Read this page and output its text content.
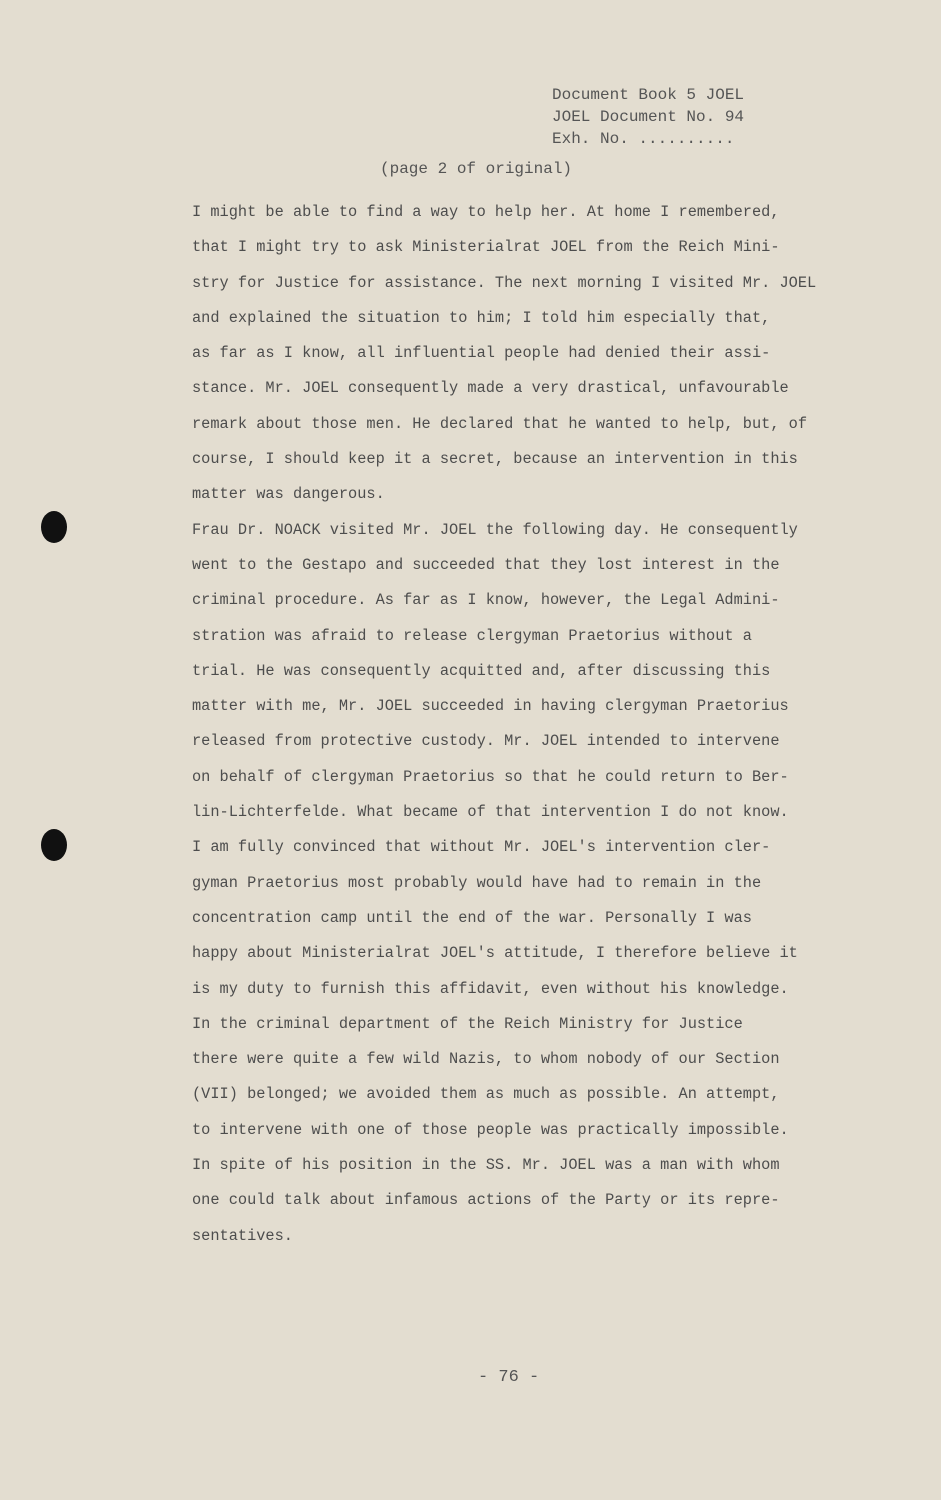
Document Book 5 JOEL
JOEL Document No. 94
Exh. No. ..........
(page 2 of original)
I might be able to find a way to help her. At home I remembered,
that I might try to ask Ministerialrat JOEL from the Reich Mini-
stry for Justice for assistance. The next morning I visited Mr. JOEL
and explained the situation to him; I told him especially that,
as far as I know, all influential people had denied their assi-
stance. Mr. JOEL consequently made a very drastical, unfavourable
remark about those men. He declared that he wanted to help, but, of
course, I should keep it a secret, because an intervention in this
matter was dangerous.
Frau Dr. NOACK visited Mr. JOEL the following day. He consequently
went to the Gestapo and succeeded that they lost interest in the
criminal procedure. As far as I know, however, the Legal Admini-
stration was afraid to release clergyman Praetorius without a
trial. He was consequently acquitted and, after discussing this
matter with me, Mr. JOEL succeeded in having clergyman Praetorius
released from protective custody. Mr. JOEL intended to intervene
on behalf of clergyman Praetorius so that he could return to Ber-
lin-Lichterfelde. What became of that intervention I do not know.
I am fully convinced that without Mr. JOEL's intervention cler-
gyman Praetorius most probably would have had to remain in the
concentration camp until the end of the war. Personally I was
happy about Ministerialrat JOEL's attitude, I therefore believe it
is my duty to furnish this affidavit, even without his knowledge.
In the criminal department of the Reich Ministry for Justice
there were quite a few wild Nazis, to whom nobody of our Section
(VII) belonged; we avoided them as much as possible. An attempt,
to intervene with one of those people was practically impossible.
In spite of his position in the SS. Mr. JOEL was a man with whom
one could talk about infamous actions of the Party or its repre-
sentatives.
- 76 -
